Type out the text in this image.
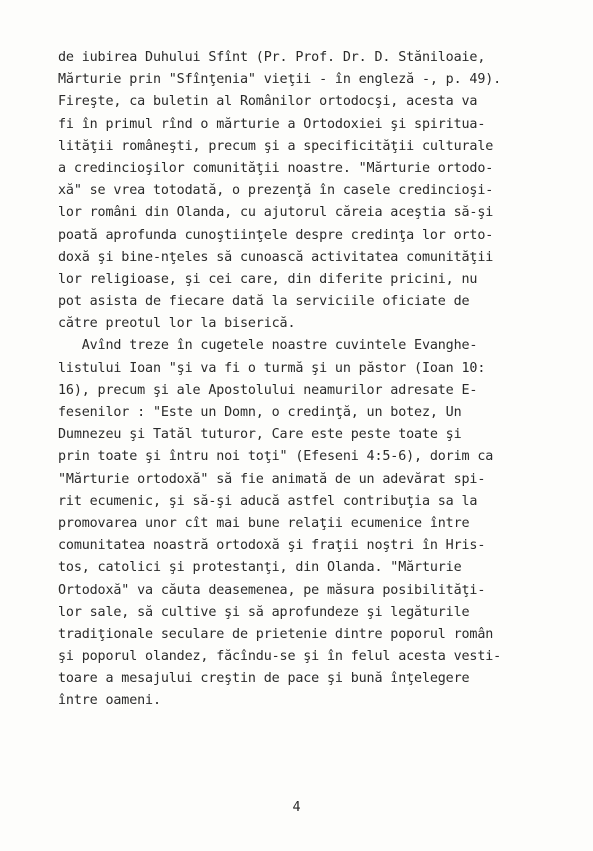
de iubirea Duhului Sfînt (Pr. Prof. Dr. D. Stăniloaie,
Mărturie prin "Sfînţenia" vieţii - în engleză -, p. 49).
Fireşte, ca buletin al Românilor ortodocşi, acesta va
fi în primul rînd o mărturie a Ortodoxiei şi spiritua-
lităţii româneşti, precum şi a specificităţii culturale
a credincioşilor comunităţii noastre. "Mărturie ortodo-
xă" se vrea totodată, o prezenţă în casele credincioşi-
lor români din Olanda, cu ajutorul căreia aceştia să-şi
poată aprofunda cunoştiinţele despre credinţa lor orto-
doxă şi bine-nţeles să cunoască activitatea comunităţii
lor religioase, şi cei care, din diferite pricini, nu
pot asista de fiecare dată la serviciile oficiate de
către preotul lor la biserică.
Avînd treze în cugetele noastre cuvintele Evanghe-
listului Ioan "şi va fi o turmă şi un păstor (Ioan 10:
16), precum şi ale Apostolului neamurilor adresate E-
fesenilor : "Este un Domn, o credinţă, un botez, Un
Dumnezeu şi Tatăl tuturor, Care este peste toate şi
prin toate şi întru noi toţi" (Efeseni 4:5-6), dorim ca
"Mărturie ortodoxă" să fie animată de un adevărat spi-
rit ecumenic, şi să-şi aducă astfel contribuţia sa la
promovarea unor cît mai bune relaţii ecumenice între
comunitatea noastră ortodoxă şi fraţii noştri în Hris-
tos, catolici şi protestanţi, din Olanda. "Mărturie
Ortodoxă" va căuta deasemenea, pe măsura posibilităţi-
lor sale, să cultive şi să aprofundeze şi legăturile
tradiţionale seculare de prietenie dintre poporul român
şi poporul olandez, făcîndu-se şi în felul acesta vesti-
toare a mesajului creştin de pace şi bună înţelegere
între oameni.
4
